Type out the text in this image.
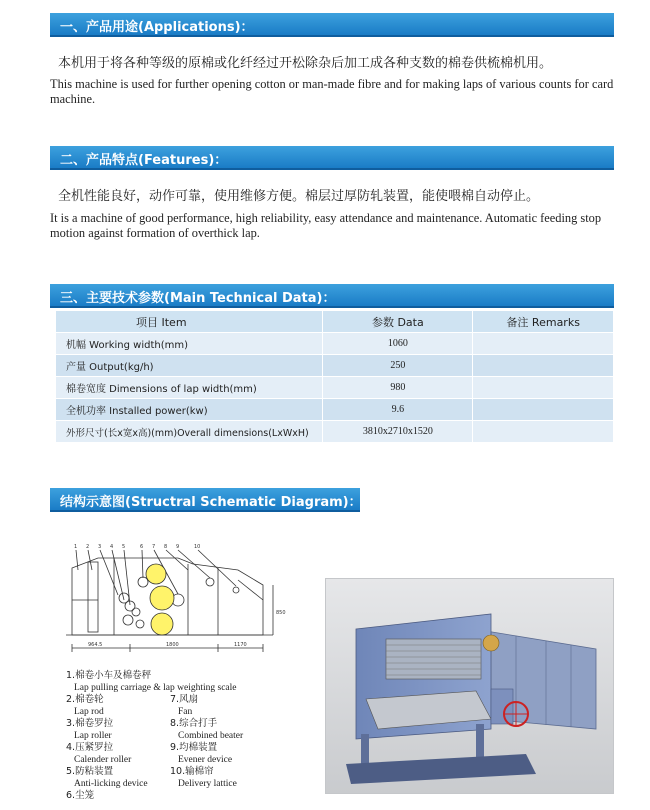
一、产品用途(Applications)：
本机用于将各种等级的原棉或化纤经过开松除杂后加工成各种支数的棉卷供梳棉机用。
This machine is used for further opening cotton or man-made fibre and for making laps of various counts for card machine.
二、产品特点(Features)：
全机性能良好，动作可靠，使用维修方便。棉层过厚防轧装置，能使喂棉自动停止。
It is a machine of good performance, high reliability, easy attendance and maintenance. Automatic feeding stop motion against formation of overthick lap.
三、主要技术参数(Main Technical Data)：
项目 Item	参数 Data	备注 Remarks
机幅 Working width(mm)	1060	
产量 Output(kg/h)	250	
棉卷宽度 Dimensions of lap width(mm)	980	
全机功率 Installed power(kw)	9.6	
外形尺寸(长x宽x高)(mm)Overall dimensions(LxWxH)	3810x2710x1520	
结构示意图(Structral Schematic Diagram)：
1 2 3 4 5	6 7 8 9	10
964.5	1800	1170
850
1.棉卷小车及棉卷秤
Lap pulling carriage & lap weighting scale
2.棉卷轮
Lap rod
3.棉卷罗拉
Lap roller
4.压紧罗拉
Calender roller
5.防粘装置
Anti-licking device
6.尘笼
7.风扇
Fan
8.综合打手
Combined beater
9.均棉装置
Evener device
10.输棉帘
Delivery lattice
